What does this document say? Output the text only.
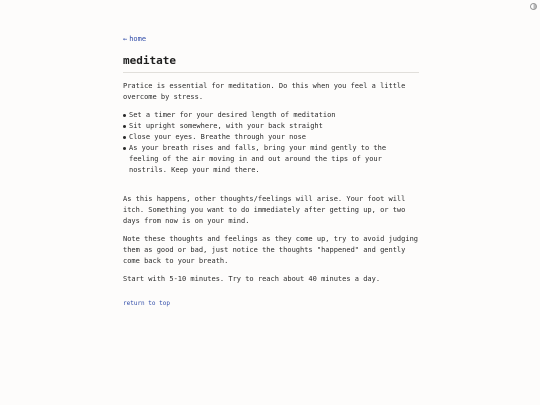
← home
meditate

Pratice is essential for meditation. Do this when you feel a little overcome by stress.

Set a timer for your desired length of meditation
Sit upright somewhere, with your back straight
Close your eyes. Breathe through your nose
As your breath rises and falls, bring your mind gently to the feeling of the air moving in and out around the tips of your nostrils. Keep your mind there.

As this happens, other thoughts/feelings will arise. Your foot will itch. Something you want to do immediately after getting up, or two days from now is on your mind.

Note these thoughts and feelings as they come up, try to avoid judging them as good or bad, just notice the thoughts "happened" and gently come back to your breath.

Start with 5-10 minutes. Try to reach about 40 minutes a day.

return to top
